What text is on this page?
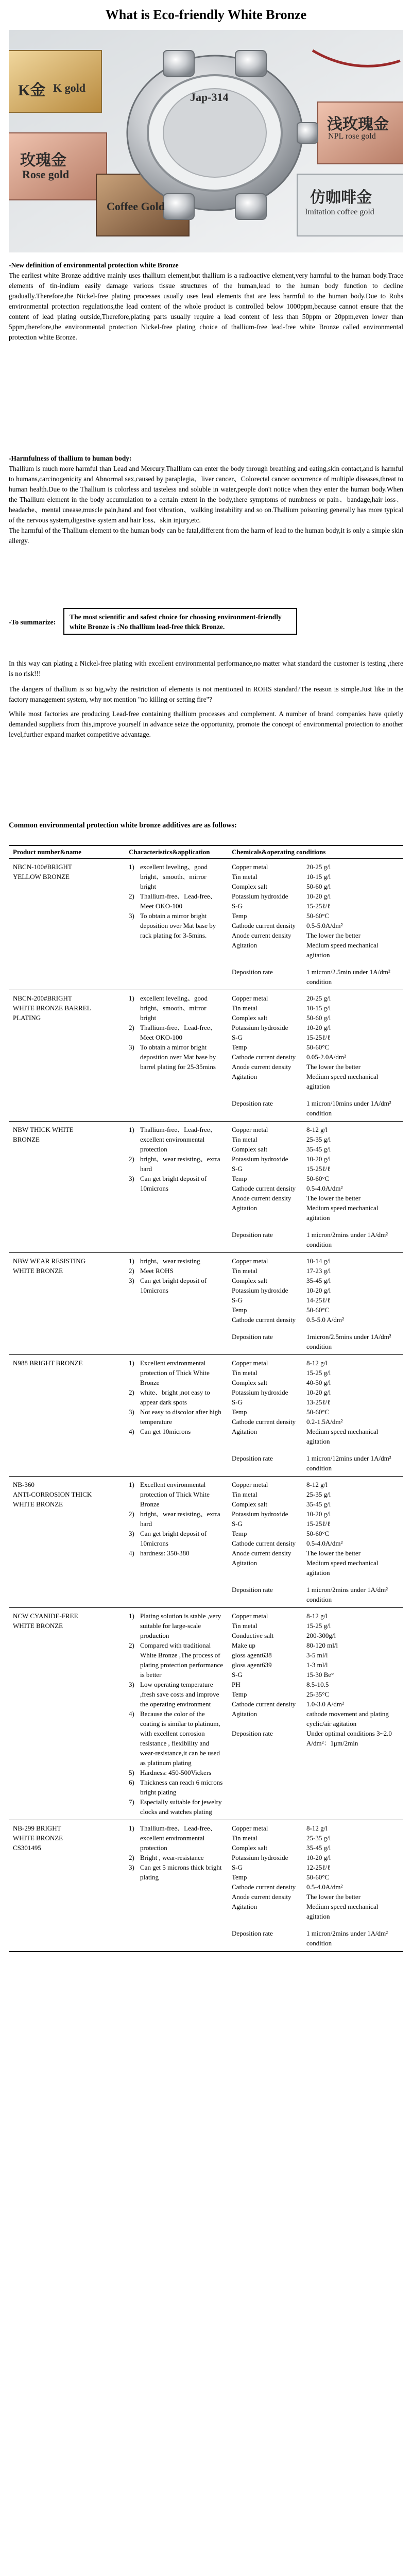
What is Eco-friendly White Bronze
K金 K gold
玫瑰金
Rose gold
Jap-314
Coffee Gold
浅玫瑰金
NPL rose gold
仿咖啡金
Imitation coffee gold

-New definition of environmental protection white Bronze

The earliest white Bronze additive mainly uses thallium element,but thallium is a radioactive element,very harmful to the human body.Trace elements of tin-indium easily damage various tissue structures of the human,lead to the human body function to decline gradually.Therefore,the Nickel-free plating processes usually uses lead elements that are less harmful to the human body.Due to Rohs environmental protection regulations,the lead content of the whole product is controlled below 1000ppm,because cannot ensure that the content of lead plating outside,Therefore,plating parts usually require a lead content of less than 50ppm or 20ppm,even lower than 5ppm,therefore,the environmental protection Nickel-free plating choice of thallium-free lead-free white Bronze called environmental protection white Bronze.

-Harmfulness of thallium to human body:

Thallium is much more harmful than Lead and Mercury.Thallium can enter the body through breathing and eating,skin contact,and is harmful to humans,carcinogenicity and Abnormal sex,caused by paraplegia、liver cancer、Colorectal cancer occurrence of multiple diseases,threat to human health.Due to the Thallium is colorless and tasteless and soluble in water,people don't notice when they enter the human body.When the Thallium element in the body accumulation to a certain extent in the body,there symptoms of numbness or pain、bandage,hair loss、headache、mental unease,muscle pain,hand and foot vibration、walking instability and so on.Thallium poisoning generally has more typical of the nervous system,digestive system and hair loss、skin injury,etc.

The harmful of the Thallium element to the human body can be fatal,different from the harm of lead to the human body,it is only a simple skin allergy.

-To summarize:
The most scientific and safest choice for choosing environment-friendly white Bronze is :No thallium lead-free thick Bronze.

In this way can plating a Nickel-free plating with excellent environmental performance,no matter what standard the customer is testing ,there is no risk!!!

The dangers of thallium is so big,why the restriction of elements is not mentioned in ROHS standard?The reason is simple.Just like in the factory management system, why not mention "no killing or setting fire"?

While most factories are producing Lead-free containing thallium processes and complement. A number of brand companies have quietly demanded suppliers from this,improve yourself in advance seize the opportunity, promote the concept of environmental protection to another level,further expand market competitive advantage.

Common environmental protection white bronze additives are as follows:
Product number&name	Characteristics&application	Chemicals&operating conditions
NBCN-100#BRIGHT
YELLOW BRONZE
1) excellent leveling、good bright、smooth、mirror bright
2) Thallium-free、Lead-free、Meet OKO-100
3) To obtain a mirror bright deposition over Mat base by rack plating for 3-5mins.
Copper metal	20-25 g/l
Tin metal	10-15 g/l
Complex salt	50-60 g/l
Potassium hydroxide	10-20 g/l
S-G	15-25ℓ/ℓ
Temp	50-60°C
Cathode current density	0.5-5.0A/dm²
Anode current density	The lower the better
Agitation	Medium speed mechanical agitation
Deposition rate	1 micron/2.5min under 1A/dm² condition
NBCN-200#BRIGHT
WHITE BRONZE BARREL
PLATING
1) excellent leveling、good bright、smooth、mirror bright
2) Thallium-free、Lead-free、Meet OKO-100
3) To obtain a mirror bright deposition over Mat base by barrel plating for 25-35mins
Copper metal	20-25 g/l
Tin metal	10-15 g/l
Complex salt	50-60 g/l
Potassium hydroxide	10-20 g/l
S-G	15-25ℓ/ℓ
Temp	50-60°C
Cathode current density	0.05-2.0A/dm²
Anode current density	The lower the better
Agitation	Medium speed mechanical agitation
Deposition rate	1 micron/10mins under 1A/dm² condition
NBW THICK WHITE
BRONZE
1) Thallium-free、Lead-free、excellent environmental protection
2) bright、wear resisting、extra hard
3) Can get bright deposit of 10microns
Copper metal	8-12 g/l
Tin metal	25-35 g/l
Complex salt	35-45 g/l
Potassium hydroxide	10-20 g/l
S-G	15-25ℓ/ℓ
Temp	50-60°C
Cathode current density	0.5-4.0A/dm²
Anode current density	The lower the better
Agitation	Medium speed mechanical agitation
Deposition rate	1 micron/2mins under 1A/dm² condition
NBW WEAR RESISTING
WHITE BRONZE
1) bright、wear resisting
2) Meet ROHS
3) Can get bright deposit of 10microns
Copper metal	10-14 g/l
Tin metal	17-23 g/l
Complex salt	35-45 g/l
Potassium hydroxide	10-20 g/l
S-G	14-25ℓ/ℓ
Temp	50-60°C
Cathode current density	0.5-5.0 A/dm²
Deposition rate	1micron/2.5mins under 1A/dm² condition
N988 BRIGHT BRONZE	1) Excellent environmental protection of Thick White Bronze
2) white、bright ,not easy to appear dark spots
3) Not easy to discolor after high temperature
4) Can get 10microns
Copper metal	8-12 g/l
Tin metal	15-25 g/l
Complex salt	40-50 g/l
Potassium hydroxide	10-20 g/l
S-G	13-25ℓ/ℓ
Temp	50-60°C
Cathode current density	0.2-1.5A/dm²
Agitation	Medium speed mechanical agitation
Deposition rate	1 micron/12mins under 1A/dm² condition
NB-360
ANTI-CORROSION THICK
WHITE BRONZE
1) Excellent environmental protection of Thick White Bronze
2) bright、wear resisting、extra hard
3) Can get bright deposit of 10microns
4) hardness: 350-380
Copper metal	8-12 g/l
Tin metal	25-35 g/l
Complex salt	35-45 g/l
Potassium hydroxide	10-20 g/l
S-G	15-25ℓ/ℓ
Temp	50-60°C
Cathode current density	0.5-4.0A/dm²
Anode current density	The lower the better
Agitation	Medium speed mechanical agitation
Deposition rate	1 micron/2mins under 1A/dm² condition
NCW CYANIDE-FREE
WHITE BRONZE
1) Plating solution is stable ,very suitable for large-scale production
2) Compared with traditional White Bronze ,The process of plating protection performance is better
3) Low operating temperature ,fresh save costs and improve the operating environment
4) Because the color of the coating is similar to platinum, with excellent corrosion resistance , flexibility and wear-resistance,it can be used as platinum plating
5) Hardness: 450-500Vickers
6) Thickness can reach 6 microns bright plating
7) Especially suitable for jewelry clocks and watches plating
Copper metal	8-12 g/l
Tin metal	15-25 g/l
Conductive salt	200-300g/l
Make up	80-120 ml/l
gloss agent638	3-5 ml/l
gloss agent639	1-3 ml/l
S-G	15-30 Be°
PH	8.5-10.5
Temp	25-35°C
Cathode current density	1.0-3.0 A/dm²
Agitation	cathode movement and plating
cyclic/air agitation
Deposition rate	Under optimal conditions 3~2.0
A/dm²：1μm/2min
NB-299 BRIGHT
WHITE BRONZE
CS301495
1) Thallium-free、Lead-free、excellent environmental protection
2) Bright , wear-resistance
3) Can get 5 microns thick bright plating
Copper metal	8-12 g/l
Tin metal	25-35 g/l
Complex salt	35-45 g/l
Potassium hydroxide	10-20 g/l
S-G	12-25ℓ/ℓ
Temp	50-60°C
Cathode current density	0.5-4.0A/dm²
Anode current density	The lower the better
Agitation	Medium speed mechanical agitation
Deposition rate	1 micron/2mins under 1A/dm² condition
